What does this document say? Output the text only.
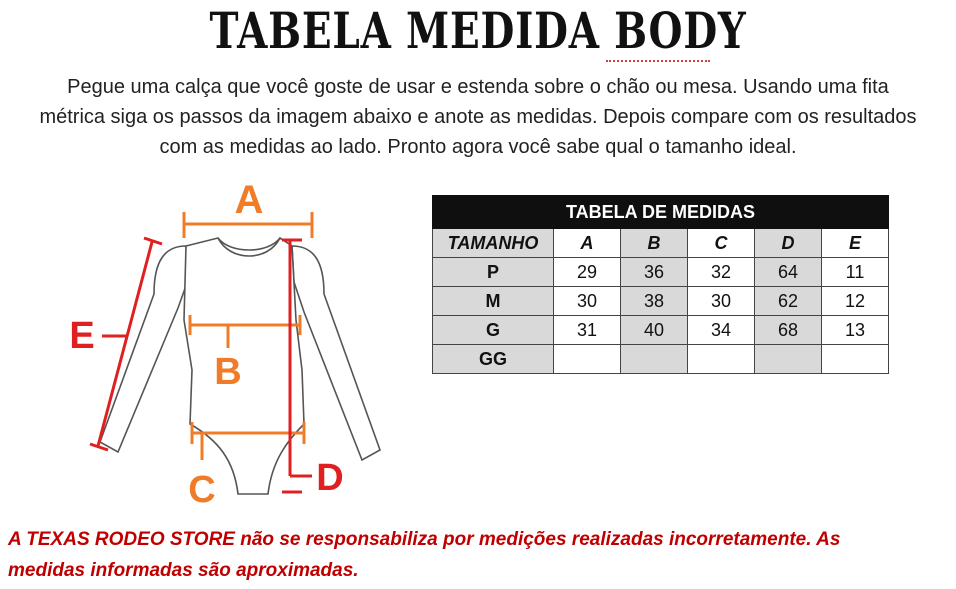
TABELA MEDIDA BODY
Pegue uma calça que você goste de usar e estenda sobre o chão ou mesa. Usando uma fita
métrica siga os passos da imagem abaixo e anote as medidas. Depois compare com os resultados
com as medidas ao lado. Pronto agora você sabe qual o tamanho ideal.
A
B
C	D
E
TABELA DE MEDIDAS					
TAMANHO	A	B	C	D	E
P	29	36	32	64	11
M	30	38	30	62	12
G	31	40	34	68	13
GG					
A TEXAS RODEO STORE não se responsabiliza por medições realizadas incorretamente. As
medidas informadas são aproximadas.
